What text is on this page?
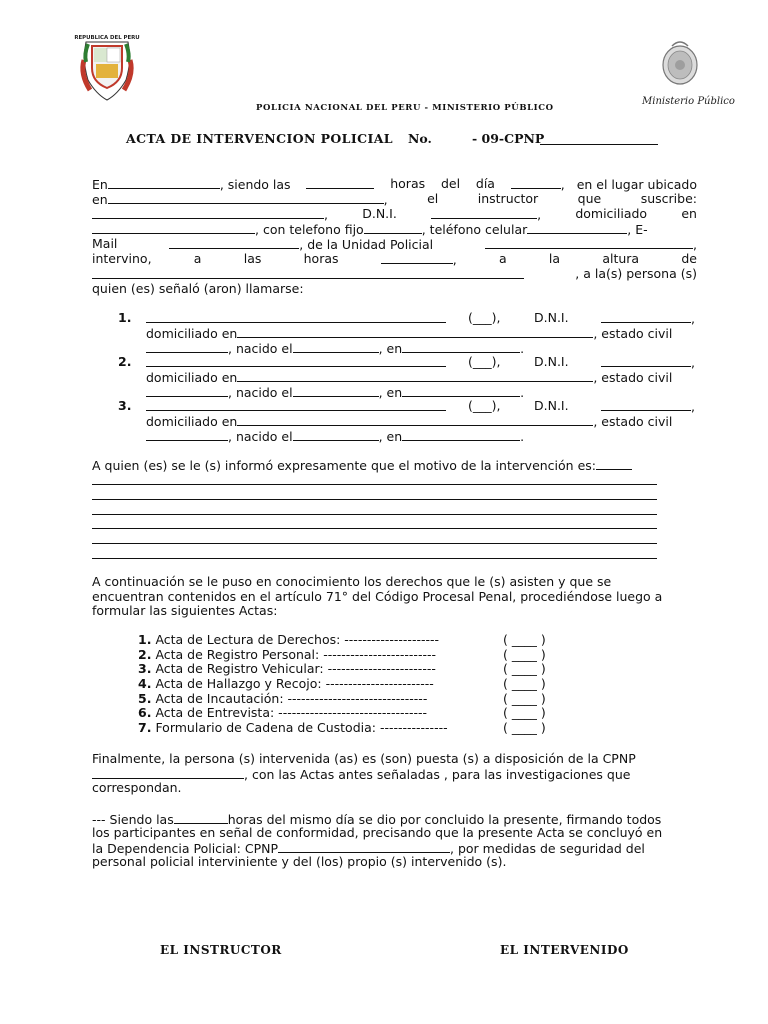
REPUBLICA DEL PERU
Ministerio Público
POLICIA NACIONAL DEL PERU - MINISTERIO PÚBLICO
ACTA DE INTERVENCION POLICIAL No.	- 09-CPNP
En	, siendo las	horas del día	,   en el lugar ubicado
en	,	el	instructor	que	suscribe:
,	D.N.I.	,	domiciliado	en
, con telefono fijo	, teléfono celular	, E-
Mail	, de la Unidad Policial	,
intervino,	a	las	horas	,	a	la	altura	de
, a la(s) persona (s)
quien (es) señaló (aron) llamarse:
1.	(___),	D.N.I.	,
domiciliado en	, estado civil
, nacido el	, en	.
2.	(___),	D.N.I.	,
domiciliado en	, estado civil
, nacido el	, en	.
3.	(___),	D.N.I.	,
domiciliado en	, estado civil
, nacido el	, en	.
A quien (es) se le (s) informó expresamente que el motivo de la intervención es:
A continuación se le puso en conocimiento los derechos que le (s) asisten y que se
encuentran contenidos en el artículo 71° del Código Procesal Penal, procediéndose luego a
formular las siguientes Actas:
1. Acta de Lectura de Derechos: ---------------------	( ____ )
2. Acta de Registro Personal: -------------------------	( ____ )
3. Acta de Registro Vehicular: ------------------------	( ____ )
4. Acta de Hallazgo y Recojo: ------------------------	( ____ )
5. Acta de Incautación: -------------------------------	( ____ )
6. Acta de Entrevista: ---------------------------------	( ____ )
7. Formulario de Cadena de Custodia: ---------------	( ____ )
Finalmente, la persona (s) intervenida (as) es (son) puesta (s) a disposición de la CPNP
, con las Actas antes señaladas , para las investigaciones que
correspondan.
--- Siendo las	horas del mismo día se dio por concluido la presente, firmando todos
los participantes en señal de conformidad, precisando que la presente Acta se concluyó en
la Dependencia Policial: CPNP	, por medidas de seguridad del
personal policial interviniente y del (los) propio (s) intervenido (s).
EL INSTRUCTOR	EL INTERVENIDO
